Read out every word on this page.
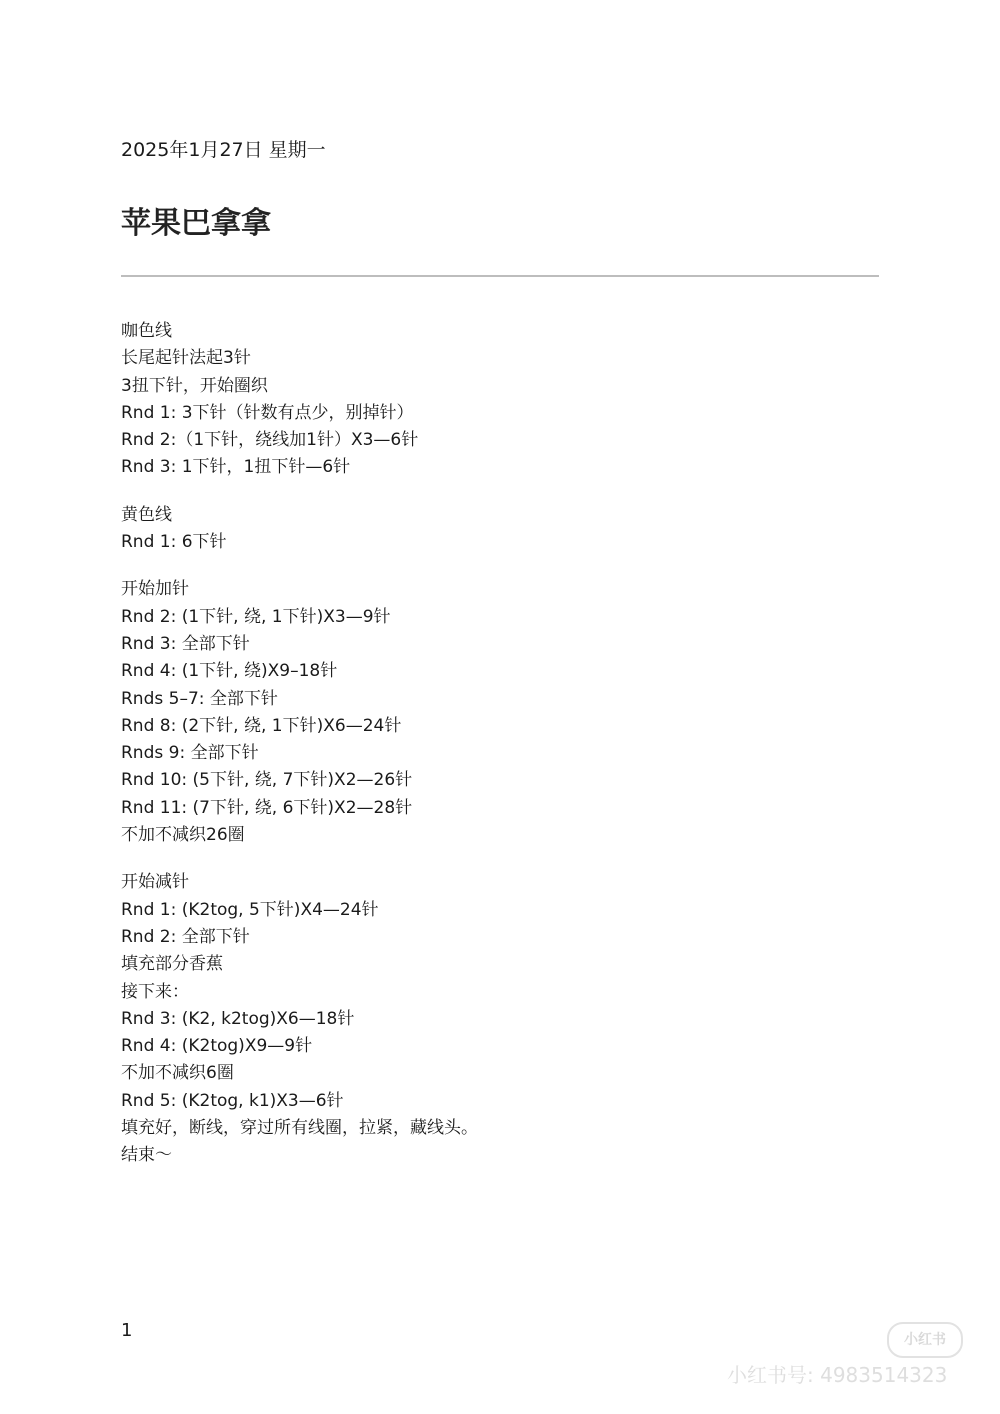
2025年1月27日 星期一
苹果巴拿拿
咖色线
长尾起针法起3针
3扭下针，开始圈织
Rnd 1: 3下针（针数有点少，别掉针）
Rnd 2:（1下针，绕线加1针）X3—6针
Rnd 3: 1下针，1扭下针—6针
黄色线
Rnd 1: 6下针
开始加针
Rnd 2: (1下针, 绕, 1下针)X3—9针
Rnd 3: 全部下针
Rnd 4: (1下针, 绕)X9–18针
Rnds 5–7: 全部下针
Rnd 8: (2下针, 绕, 1下针)X6—24针
Rnds 9: 全部下针
Rnd 10: (5下针, 绕, 7下针)X2—26针
Rnd 11: (7下针, 绕, 6下针)X2—28针
不加不减织26圈
开始减针
Rnd 1: (K2tog, 5下针)X4—24针
Rnd 2: 全部下针
填充部分香蕉
接下来：
Rnd 3: (K2, k2tog)X6—18针
Rnd 4: (K2tog)X9—9针
不加不减织6圈
Rnd 5: (K2tog, k1)X3—6针
填充好，断线，穿过所有线圈，拉紧，藏线头。
结束～
1	小红书
小红书号: 4983514323
